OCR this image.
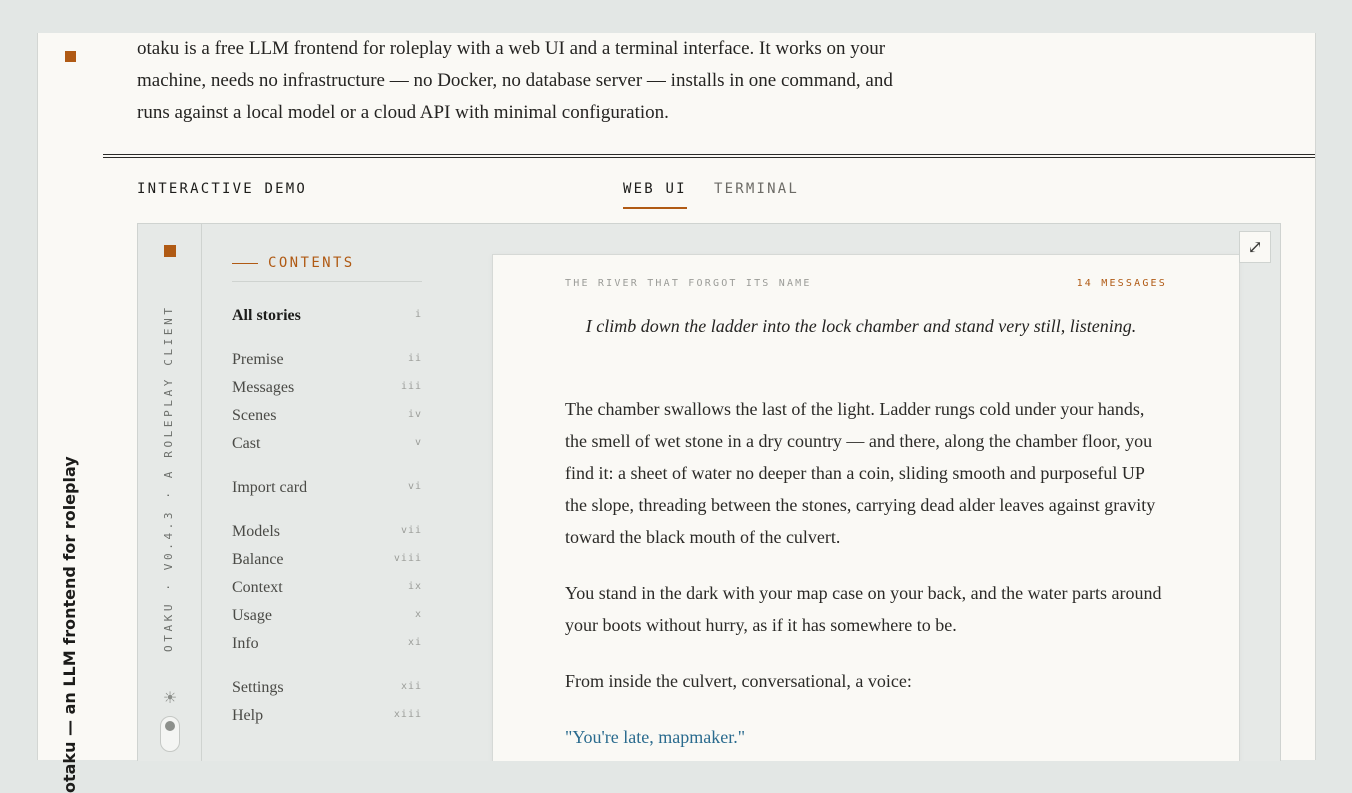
otaku — an LLM frontend for roleplay
otaku is a free LLM frontend for roleplay with a web UI and a terminal interface. It works on your machine, needs no infrastructure — no Docker, no database server — installs in one command, and runs against a local model or a cloud API with minimal configuration.
INTERACTIVE DEMO	WEB UI TERMINAL
OTAKU · V0.4.3 · A ROLEPLAY CLIENT
☀
CONTENTS
All stories	i
Premise	ii
Messages	iii
Scenes	iv
Cast	v
Import card	vi
Models	vii
Balance	viii
Context	ix
Usage	x
Info	xi
Settings	xii
Help	xiii
THE RIVER THAT FORGOT ITS NAME	14 MESSAGES
I climb down the ladder into the lock chamber and stand very still, listening.
The chamber swallows the last of the light. Ladder rungs cold under your hands, the smell of wet stone in a dry country — and there, along the chamber floor, you find it: a sheet of water no deeper than a coin, sliding smooth and purposeful UP the slope, threading between the stones, carrying dead alder leaves against gravity toward the black mouth of the culvert.
You stand in the dark with your map case on your back, and the water parts around your boots without hurry, as if it has somewhere to be.
From inside the culvert, conversational, a voice:
"You're late, mapmaker."
⤢
